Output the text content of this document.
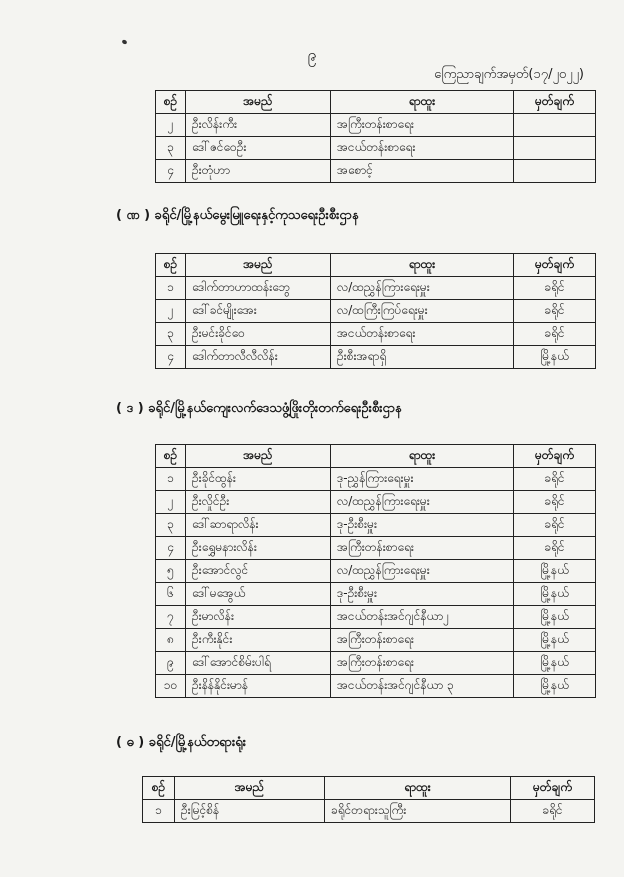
၉
ကြေညာချက်အမှတ်(၁၇/၂၀၂၂)
စဉ်	အမည်	ရာထူး	မှတ်ချက်
၂	ဦးလိန်းကီး	အကြီးတန်းစာရေး	
၃	ဒေါ်ဇင်ဝေဦး	အငယ်တန်းစာရေး	
၄	ဦးတုံဟာ	အစောင့်	
( ဏ ) ခရိုင်/မြို့နယ်မွေးမြူရေးနှင့်ကုသရေးဦးစီးဌာန
စဉ်	အမည်	ရာထူး	မှတ်ချက်
၁	ဒေါက်တာဟာထန်းဘွေ	လ/ထညွှန်ကြားရေးမှူး	ခရိုင်
၂	ဒေါ်ခင်မျိုးအေး	လ/ထကြီးကြပ်ရေးမှူး	ခရိုင်
၃	ဦးမင်းခိုင်ဝေ	အငယ်တန်းစာရေး	ခရိုင်
၄	ဒေါက်တာလီလီလိန်း	ဦးစီးအရာရှိ	မြို့နယ်
( ဒ ) ခရိုင်/မြို့နယ်ကျေးလက်ဒေသဖွံ့ဖြိုးတိုးတက်ရေးဦးစီးဌာန
စဉ်	အမည်	ရာထူး	မှတ်ချက်
၁	ဦးခိုင်ထွန်း	ဒု-ညွှန်ကြားရေးမှူး	ခရိုင်
၂	ဦးလှိုင်ဦး	လ/ထညွှန်ကြားရေးမှူး	ခရိုင်
၃	ဒေါ်ဆာရာလိန်း	ဒု-ဦးစီးမှူး	ခရိုင်
၄	ဦးရွှေမနားလိန်း	အကြီးတန်းစာရေး	ခရိုင်
၅	ဦးအောင်လွင်	လ/ထညွှန်ကြားရေးမှူး	မြို့နယ်
၆	ဒေါ်မအွေယ်	ဒု-ဦးစီးမှူး	မြို့နယ်
၇	ဦးမာလိန်း	အငယ်တန်းအင်ဂျင်နီယာ၂	မြို့နယ်
၈	ဦးကီးနိုင်း	အကြီးတန်းစာရေး	မြို့နယ်
၉	ဒေါ်အောင်စိမ်းပါရ်	အကြီးတန်းစာရေး	မြို့နယ်
၁၀	ဦးနိန်နိုင်းမာန်	အငယ်တန်းအင်ဂျင်နီယာ ၃	မြို့နယ်
( ဓ ) ခရိုင်/မြို့နယ်တရားရုံး
စဉ်	အမည်	ရာထူး	မှတ်ချက်
၁	ဦးမြင့်စိန်	ခရိုင်တရားသူကြီး	ခရိုင်
